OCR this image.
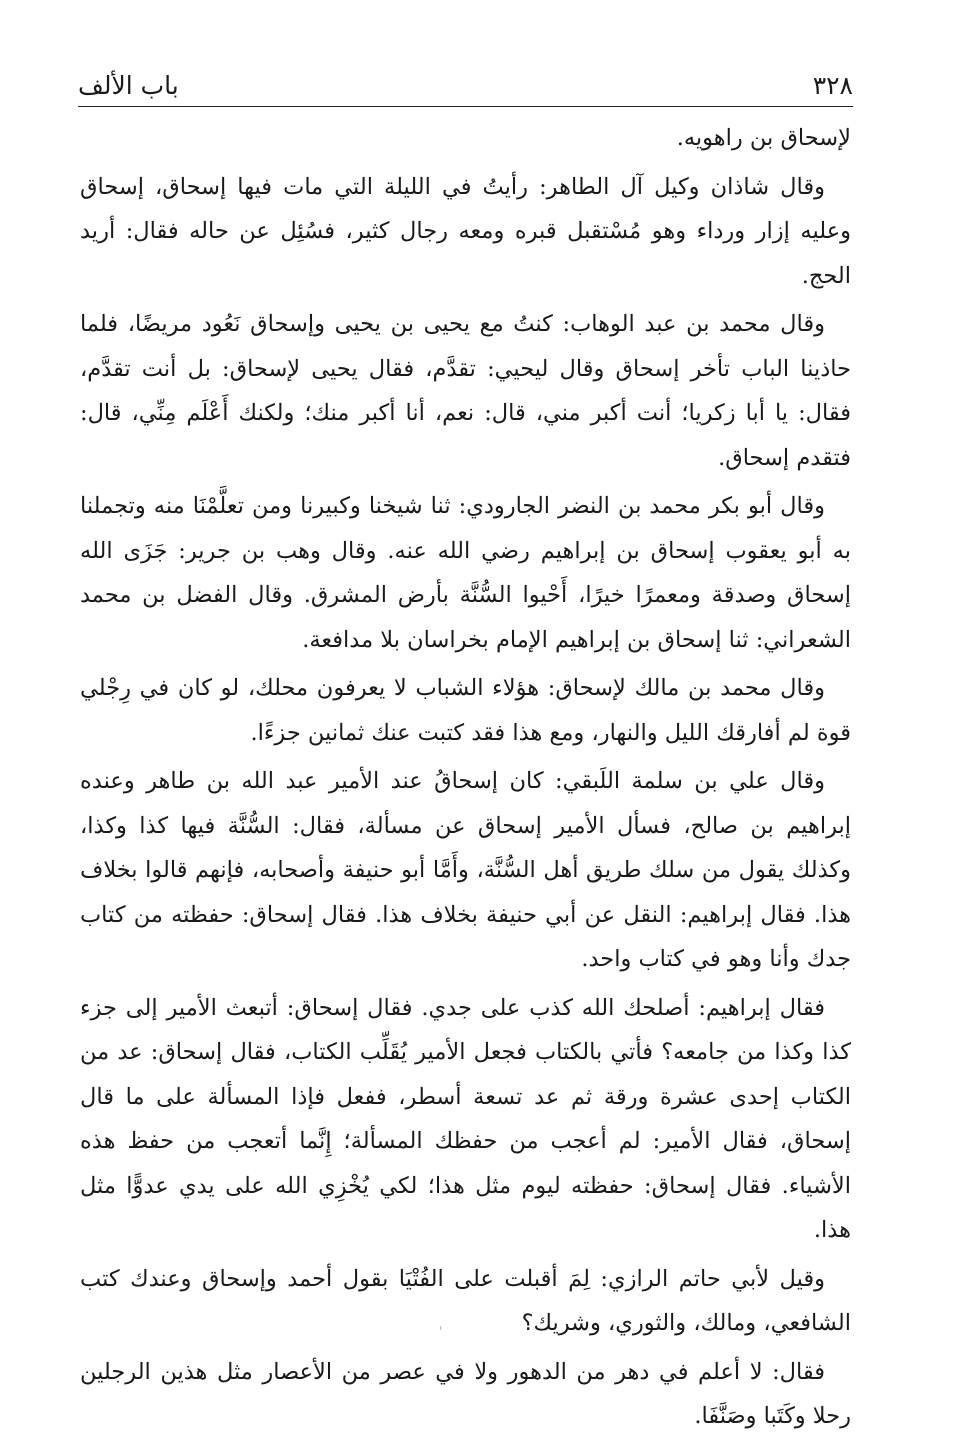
٣٢٨
باب الألف

لإسحاق بن راهويه.

وقال شاذان وكيل آل الطاهر: رأيتُ في الليلة التي مات فيها إسحاق، إسحاق وعليه إزار ورداء وهو مُسْتقبل قبره ومعه رجال كثير، فسُئِل عن حاله فقال: أريد الحج.

وقال محمد بن عبد الوهاب: كنتُ مع يحيى بن يحيى وإسحاق نَعُود مريضًا، فلما حاذينا الباب تأخر إسحاق وقال ليحيي: تقدَّم، فقال يحيى لإسحاق: بل أنت تقدَّم، فقال: يا أبا زكريا؛ أنت أكبر مني، قال: نعم، أنا أكبر منك؛ ولكنك أَعْلَم مِنِّي، قال: فتقدم إسحاق.

وقال أبو بكر محمد بن النضر الجارودي: ثنا شيخنا وكبيرنا ومن تعلَّمْنَا منه وتجملنا به أبو يعقوب إسحاق بن إبراهيم رضي الله عنه. وقال وهب بن جرير: جَزَى الله إسحاق وصدقة ومعمرًا خيرًا، أَحْيوا السُّنَّة بأرض المشرق. وقال الفضل بن محمد الشعراني: ثنا إسحاق بن إبراهيم الإمام بخراسان بلا مدافعة.

وقال محمد بن مالك لإسحاق: هؤلاء الشباب لا يعرفون محلك، لو كان في رِجْلي قوة لم أفارقك الليل والنهار، ومع هذا فقد كتبت عنك ثمانين جزءًا.

وقال علي بن سلمة اللَبقي: كان إسحاقُ عند الأمير عبد الله بن طاهر وعنده إبراهيم بن صالح، فسأل الأمير إسحاق عن مسألة، فقال: السُّنَّة فيها كذا وكذا، وكذلك يقول من سلك طريق أهل السُّنَّة، وأَمَّا أبو حنيفة وأصحابه، فإنهم قالوا بخلاف هذا. فقال إبراهيم: النقل عن أبي حنيفة بخلاف هذا. فقال إسحاق: حفظته من كتاب جدك وأنا وهو في كتاب واحد.

فقال إبراهيم: أصلحك الله كذب على جدي. فقال إسحاق: أتبعث الأمير إلى جزء كذا وكذا من جامعه؟ فأتي بالكتاب فجعل الأمير يُقَلِّب الكتاب، فقال إسحاق: عد من الكتاب إحدى عشرة ورقة ثم عد تسعة أسطر، ففعل فإذا المسألة على ما قال إسحاق، فقال الأمير: لم أعجب من حفظك المسألة؛ إِنَّما أتعجب من حفظ هذه الأشياء. فقال إسحاق: حفظته ليوم مثل هذا؛ لكي يُخْزِي الله على يدي عدوًّا مثل هذا.

وقيل لأبي حاتم الرازي: لِمَ أقبلت على الفُتْيَا بقول أحمد وإسحاق وعندك كتب الشافعي، ومالك، والثوري، وشريك؟

فقال: لا أعلم في دهر من الدهور ولا في عصر من الأعصار مثل هذين الرجلين رحلا وكَتَبا وصَنَّفَا.
